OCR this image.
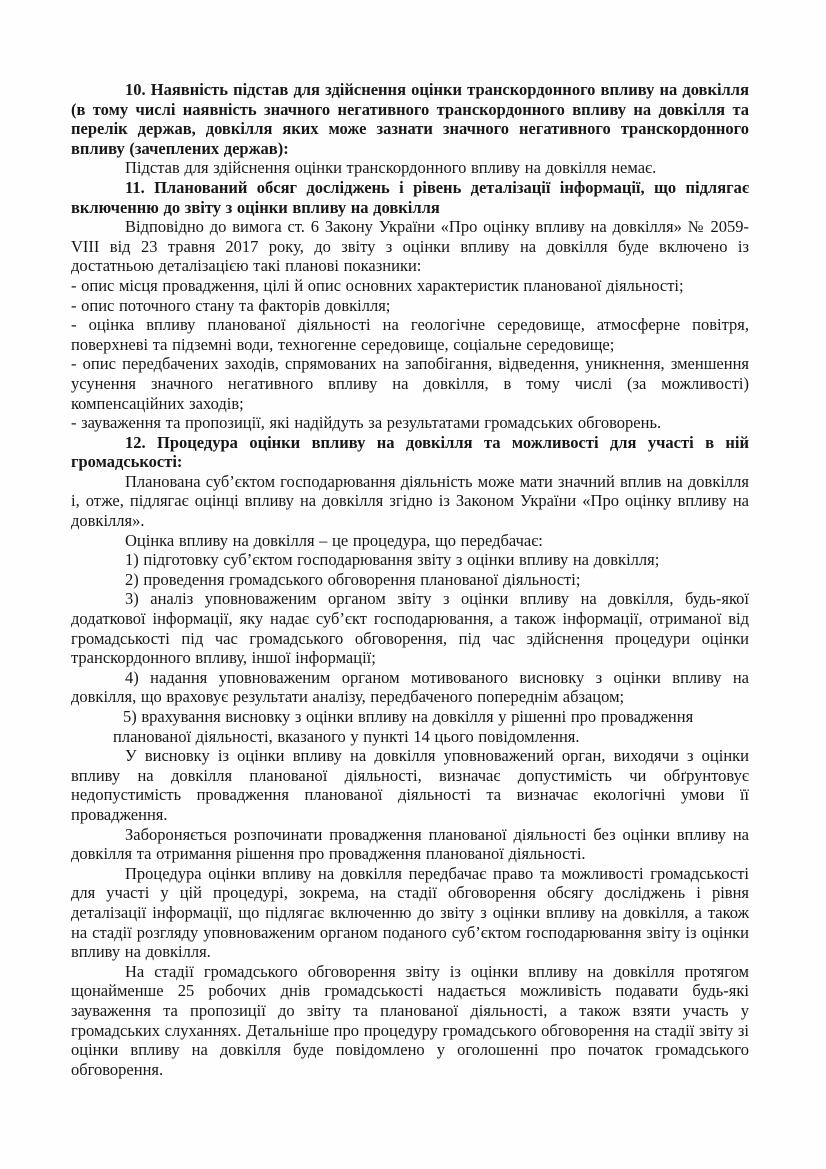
10. Наявність підстав для здійснення оцінки транскордонного впливу на довкілля (в тому числі наявність значного негативного транскордонного впливу на довкілля та перелік держав, довкілля яких може зазнати значного негативного транскордонного впливу (зачеплених держав):

Підстав для здійснення оцінки транскордонного впливу на довкілля немає.

11. Планований обсяг досліджень і рівень деталізації інформації, що підлягає включенню до звіту з оцінки впливу на довкілля

Відповідно до вимога ст. 6 Закону України «Про оцінку впливу на довкілля» № 2059-VIII від 23 травня 2017 року, до звіту з оцінки впливу на довкілля буде включено із достатньою деталізацією такі планові показники:

- опис місця провадження, цілі й опис основних характеристик планованої діяльності;

- опис поточного стану та факторів довкілля;

- оцінка впливу планованої діяльності на геологічне середовище, атмосферне повітря, поверхневі та підземні води, техногенне середовище, соціальне середовище;

- опис передбачених заходів, спрямованих на запобігання, відведення, уникнення, зменшення усунення значного негативного впливу на довкілля, в тому числі (за можливості) компенсаційних заходів;

- зауваження та пропозиції, які надійдуть за результатами громадських обговорень.

12. Процедура оцінки впливу на довкілля та можливості для участі в ній громадськості:

Планована суб’єктом господарювання діяльність може мати значний вплив на довкілля і, отже, підлягає оцінці впливу на довкілля згідно із Законом України «Про оцінку впливу на довкілля».

Оцінка впливу на довкілля – це процедура, що передбачає:

1) підготовку суб’єктом господарювання звіту з оцінки впливу на довкілля;

2) проведення громадського обговорення планованої діяльності;

3) аналіз уповноваженим органом звіту з оцінки впливу на довкілля, будь-якої додаткової інформації, яку надає суб’єкт господарювання, а також інформації, отриманої від громадськості під час громадського обговорення, під час здійснення процедури оцінки транскордонного впливу, іншої інформації;

4) надання уповноваженим органом мотивованого висновку з оцінки впливу на довкілля, що враховує результати аналізу, передбаченого попереднім абзацом;

5) врахування висновку з оцінки впливу на довкілля у рішенні про провадження планованої діяльності, вказаного у пункті 14 цього повідомлення.

У висновку із оцінки впливу на довкілля уповноважений орган, виходячи з оцінки впливу на довкілля планованої діяльності, визначає допустимість чи обґрунтовує недопустимість провадження планованої діяльності та визначає екологічні умови її провадження.

Забороняється розпочинати провадження планованої діяльності без оцінки впливу на довкілля та отримання рішення про провадження планованої діяльності.

Процедура оцінки впливу на довкілля передбачає право та можливості громадськості для участі у цій процедурі, зокрема, на стадії обговорення обсягу досліджень і рівня деталізації інформації, що підлягає включенню до звіту з оцінки впливу на довкілля, а також на стадії розгляду уповноваженим органом поданого суб’єктом господарювання звіту із оцінки впливу на довкілля.

На стадії громадського обговорення звіту із оцінки впливу на довкілля протягом щонайменше 25 робочих днів громадськості надається можливість подавати будь-які зауваження та пропозиції до звіту та планованої діяльності, а також взяти участь у громадських слуханнях. Детальніше про процедуру громадського обговорення на стадії звіту зі оцінки впливу на довкілля буде повідомлено у оголошенні про початок громадського обговорення.
